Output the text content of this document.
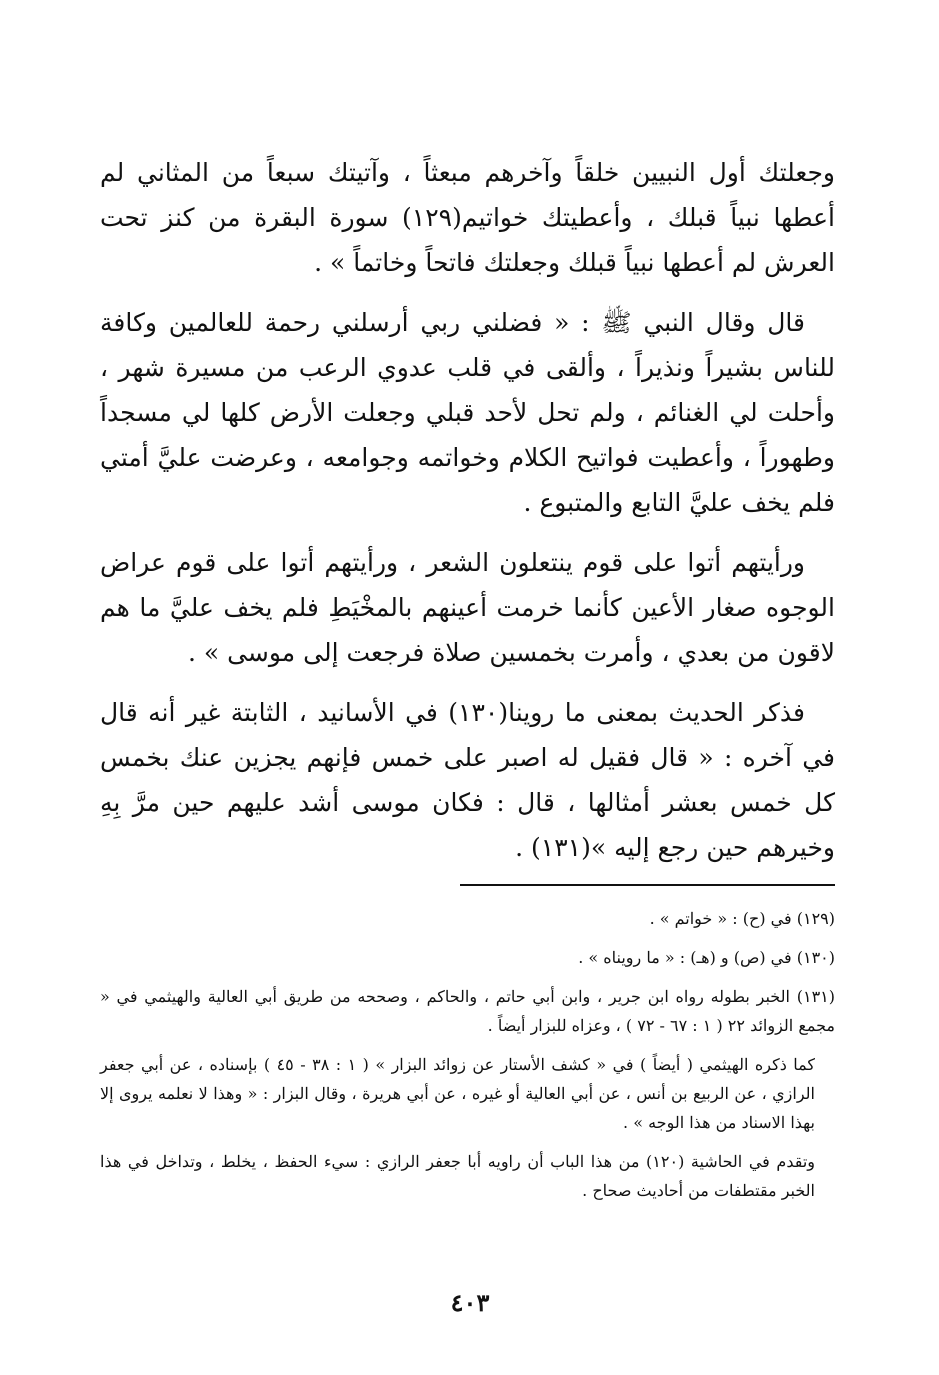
وجعلتك أول النبيين خلقاً وآخرهم مبعثاً ، وآتيتك سبعاً من المثاني لم أعطها نبياً قبلك ، وأعطيتك خواتيم(١٢٩) سورة البقرة من كنز تحت العرش لم أعطها نبياً قبلك وجعلتك فاتحاً وخاتماً » .

قال وقال النبي ﷺ : « فضلني ربي أرسلني رحمة للعالمين وكافة للناس بشيراً ونذيراً ، وألقى في قلب عدوي الرعب من مسيرة شهر ، وأحلت لي الغنائم ، ولم تحل لأحد قبلي وجعلت الأرض كلها لي مسجداً وطهوراً ، وأعطيت فواتيح الكلام وخواتمه وجوامعه ، وعرضت عليَّ أمتي فلم يخف عليَّ التابع والمتبوع .

ورأيتهم أتوا على قوم ينتعلون الشعر ، ورأيتهم أتوا على قوم عراض الوجوه صغار الأعين كأنما خرمت أعينهم بالمخْيَطِ فلم يخف عليَّ ما هم لاقون من بعدي ، وأمرت بخمسين صلاة فرجعت إلى موسى » .

فذكر الحديث بمعنى ما روينا(١٣٠) في الأسانيد ، الثابتة غير أنه قال في آخره : « قال فقيل له اصبر على خمس فإنهم يجزين عنك بخمس كل خمس بعشر أمثالها ، قال : فكان موسى أشد عليهم حين مرَّ بِهِ وخيرهم حين رجع إليه »(١٣١) .

(١٢٩) في (ح) : « خواتم » .

(١٣٠) في (ص) و (هـ) : « ما رويناه » .

(١٣١) الخبر بطوله رواه ابن جرير ، وابن أبي حاتم ، والحاكم ، وصححه من طريق أبي العالية والهيثمي في « مجمع الزوائد ٢٢ ( ١ : ٦٧ - ٧٢ ) ، وعزاه للبزار أيضاً .

كما ذكره الهيثمي ( أيضاً ) في « كشف الأستار عن زوائد البزار » ( ١ : ٣٨ - ٤٥ ) بإسناده ، عن أبي جعفر الرازي ، عن الربيع بن أنس ، عن أبي العالية أو غيره ، عن أبي هريرة ، وقال البزار : « وهذا لا نعلمه يروى إلا بهذا الاسناد من هذا الوجه » .

وتقدم في الحاشية (١٢٠) من هذا الباب أن راويه أبا جعفر الرازي : سيء الحفظ ، يخلط ، وتداخل في هذا الخبر مقتطفات من أحاديث صحاح .

٤٠٣
